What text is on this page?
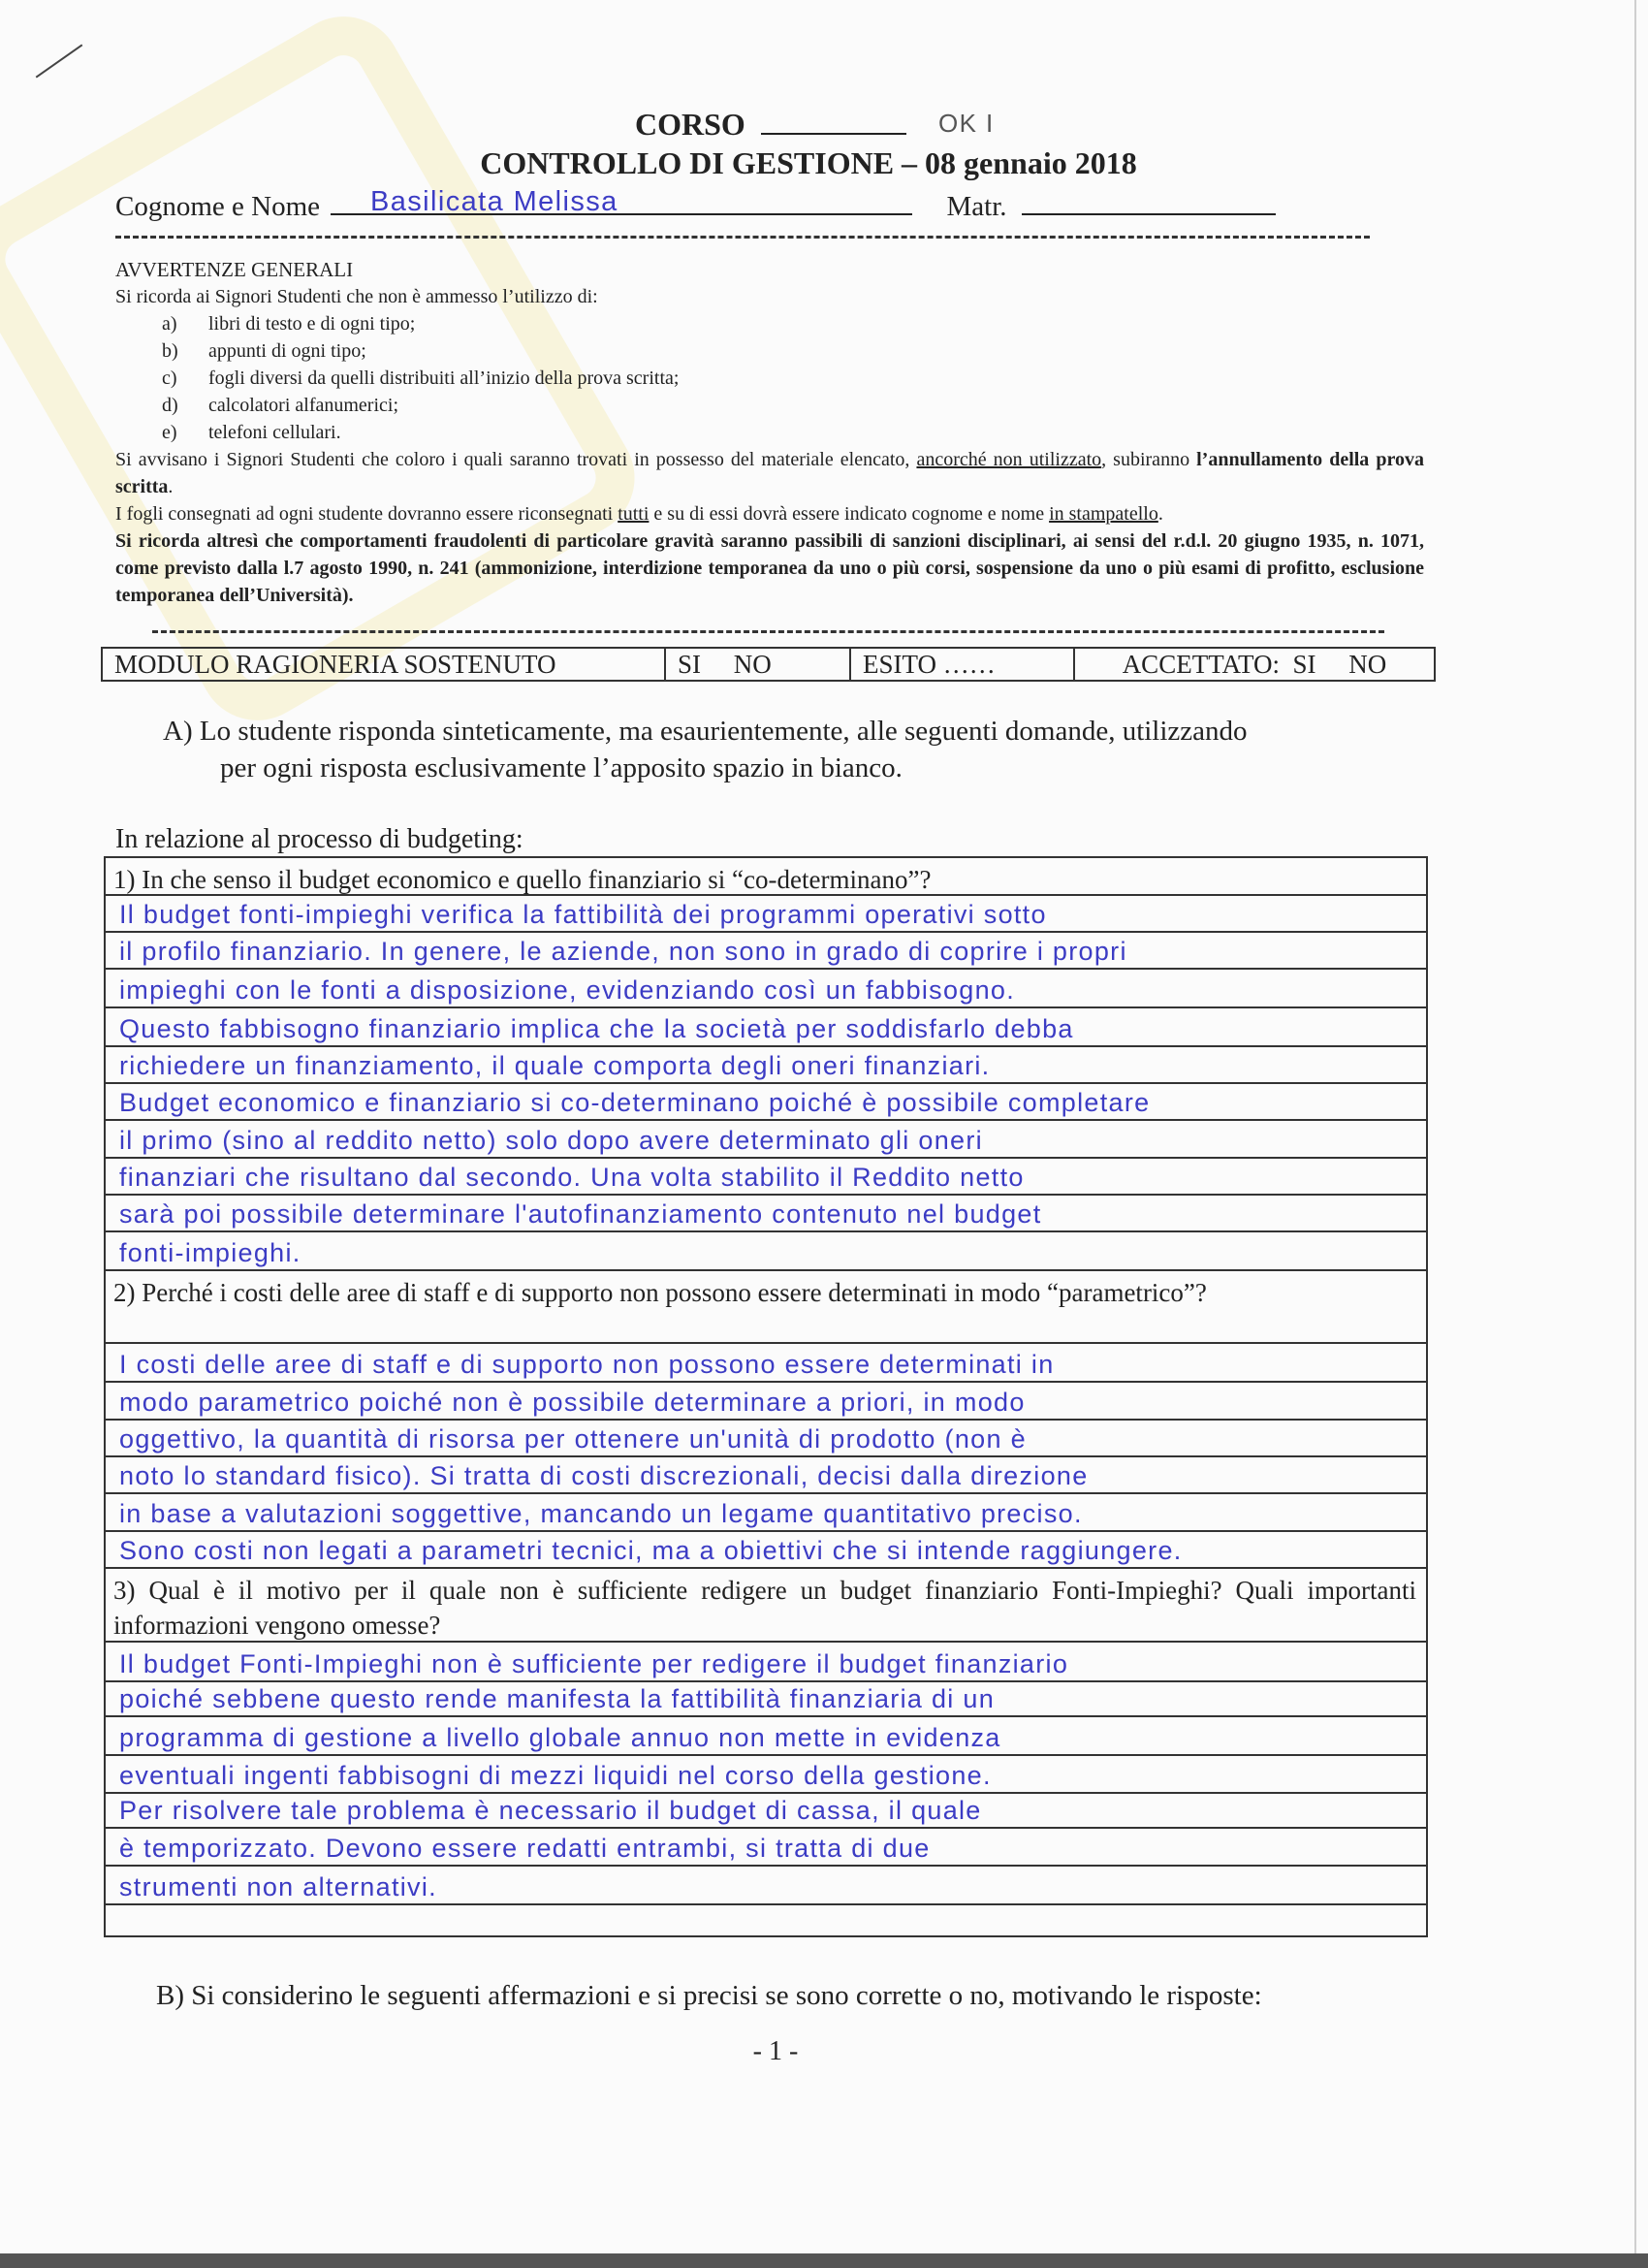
CORSO	OK I
CONTROLLO DI GESTIONE – 08 gennaio 2018
Cognome e Nome	Matr.
Basilicata Melissa

AVVERTENZE GENERALI

Si ricorda ai Signori Studenti che non è ammesso l’utilizzo di:

a) libri di testo e di ogni tipo;

b) appunti di ogni tipo;

c) fogli diversi da quelli distribuiti all’inizio della prova scritta;

d) calcolatori alfanumerici;

e) telefoni cellulari.

Si avvisano i Signori Studenti che coloro i quali saranno trovati in possesso del materiale elencato, ancorché non utilizzato, subiranno l’annullamento della prova scritta.

I fogli consegnati ad ogni studente dovranno essere riconsegnati tutti e su di essi dovrà essere indicato cognome e nome in stampatello.

Si ricorda altresì che comportamenti fraudolenti di particolare gravità saranno passibili di sanzioni disciplinari, ai sensi del r.d.l. 20 giugno 1935, n. 1071, come previsto dalla l.7 agosto 1990, n. 241 (ammonizione, interdizione temporanea da uno o più corsi, sospensione da uno o più esami di profitto, esclusione temporanea dell’Università).

MODULO RAGIONERIA SOSTENUTO	SI     NO	ESITO ……	ACCETTATO:  SI     NO
A) Lo studente risponda sinteticamente, ma esaurientemente, alle seguenti domande, utilizzando
per ogni risposta esclusivamente l’apposito spazio in bianco.
In relazione al processo di budgeting:
1) In che senso il budget economico e quello finanziario si “co-determinano”?
Il budget fonti-impieghi verifica la fattibilità dei programmi operativi sotto
il profilo finanziario. In genere, le aziende, non sono in grado di coprire i propri
impieghi con le fonti a disposizione, evidenziando così un fabbisogno.
Questo fabbisogno finanziario implica che la società per soddisfarlo debba
richiedere un finanziamento, il quale comporta degli oneri finanziari.
Budget economico e finanziario si co-determinano poiché è possibile completare
il primo (sino al reddito netto) solo dopo avere determinato gli oneri
finanziari che risultano dal secondo. Una volta stabilito il Reddito netto
sarà poi possibile determinare l'autofinanziamento contenuto nel budget
fonti-impieghi.
2) Perché i costi delle aree di staff e di supporto non possono essere determinati in modo “parametrico”?
I costi delle aree di staff e di supporto non possono essere determinati in
modo parametrico poiché non è possibile determinare a priori, in modo
oggettivo, la quantità di risorsa per ottenere un'unità di prodotto (non è
noto lo standard fisico). Si tratta di costi discrezionali, decisi dalla direzione
in base a valutazioni soggettive, mancando un legame quantitativo preciso.
Sono costi non legati a parametri tecnici, ma a obiettivi che si intende raggiungere.
3) Qual è il motivo per il quale non è sufficiente redigere un budget finanziario Fonti-Impieghi? Quali importanti informazioni vengono omesse?
Il budget Fonti-Impieghi non è sufficiente per redigere il budget finanziario
poiché sebbene questo rende manifesta la fattibilità finanziaria di un
programma di gestione a livello globale annuo non mette in evidenza
eventuali ingenti fabbisogni di mezzi liquidi nel corso della gestione.
Per risolvere tale problema è necessario il budget di cassa, il quale
è temporizzato. Devono essere redatti entrambi, si tratta di due
strumenti non alternativi.
B) Si considerino le seguenti affermazioni e si precisi se sono corrette o no, motivando le risposte:
- 1 -
